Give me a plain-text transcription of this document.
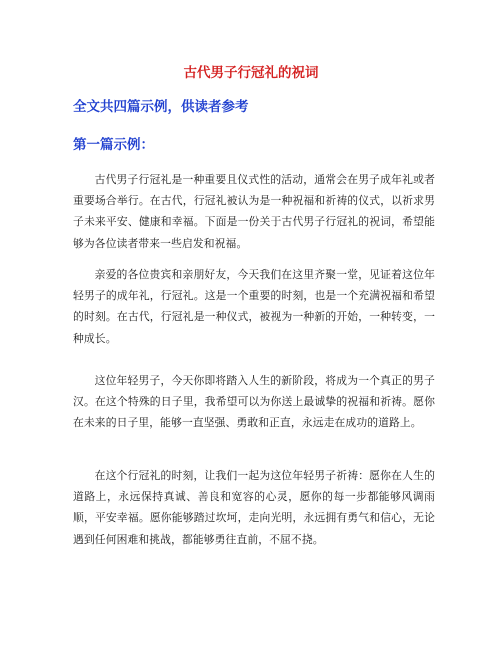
古代男子行冠礼的祝词
全文共四篇示例，供读者参考
第一篇示例：

古代男子行冠礼是一种重要且仪式性的活动，通常会在男子成年礼或者重要场合举行。在古代，行冠礼被认为是一种祝福和祈祷的仪式，以祈求男子未来平安、健康和幸福。下面是一份关于古代男子行冠礼的祝词，希望能够为各位读者带来一些启发和祝福。

亲爱的各位贵宾和亲朋好友，今天我们在这里齐聚一堂，见证着这位年轻男子的成年礼，行冠礼。这是一个重要的时刻，也是一个充满祝福和希望的时刻。在古代，行冠礼是一种仪式，被视为一种新的开始，一种转变，一种成长。

这位年轻男子，今天你即将踏入人生的新阶段，将成为一个真正的男子汉。在这个特殊的日子里，我希望可以为你送上最诚挚的祝福和祈祷。愿你在未来的日子里，能够一直坚强、勇敢和正直，永远走在成功的道路上。

在这个行冠礼的时刻，让我们一起为这位年轻男子祈祷：愿你在人生的道路上，永远保持真诚、善良和宽容的心灵，愿你的每一步都能够风调雨顺，平安幸福。愿你能够踏过坎坷，走向光明，永远拥有勇气和信心，无论遇到任何困难和挑战，都能够勇往直前，不屈不挠。
